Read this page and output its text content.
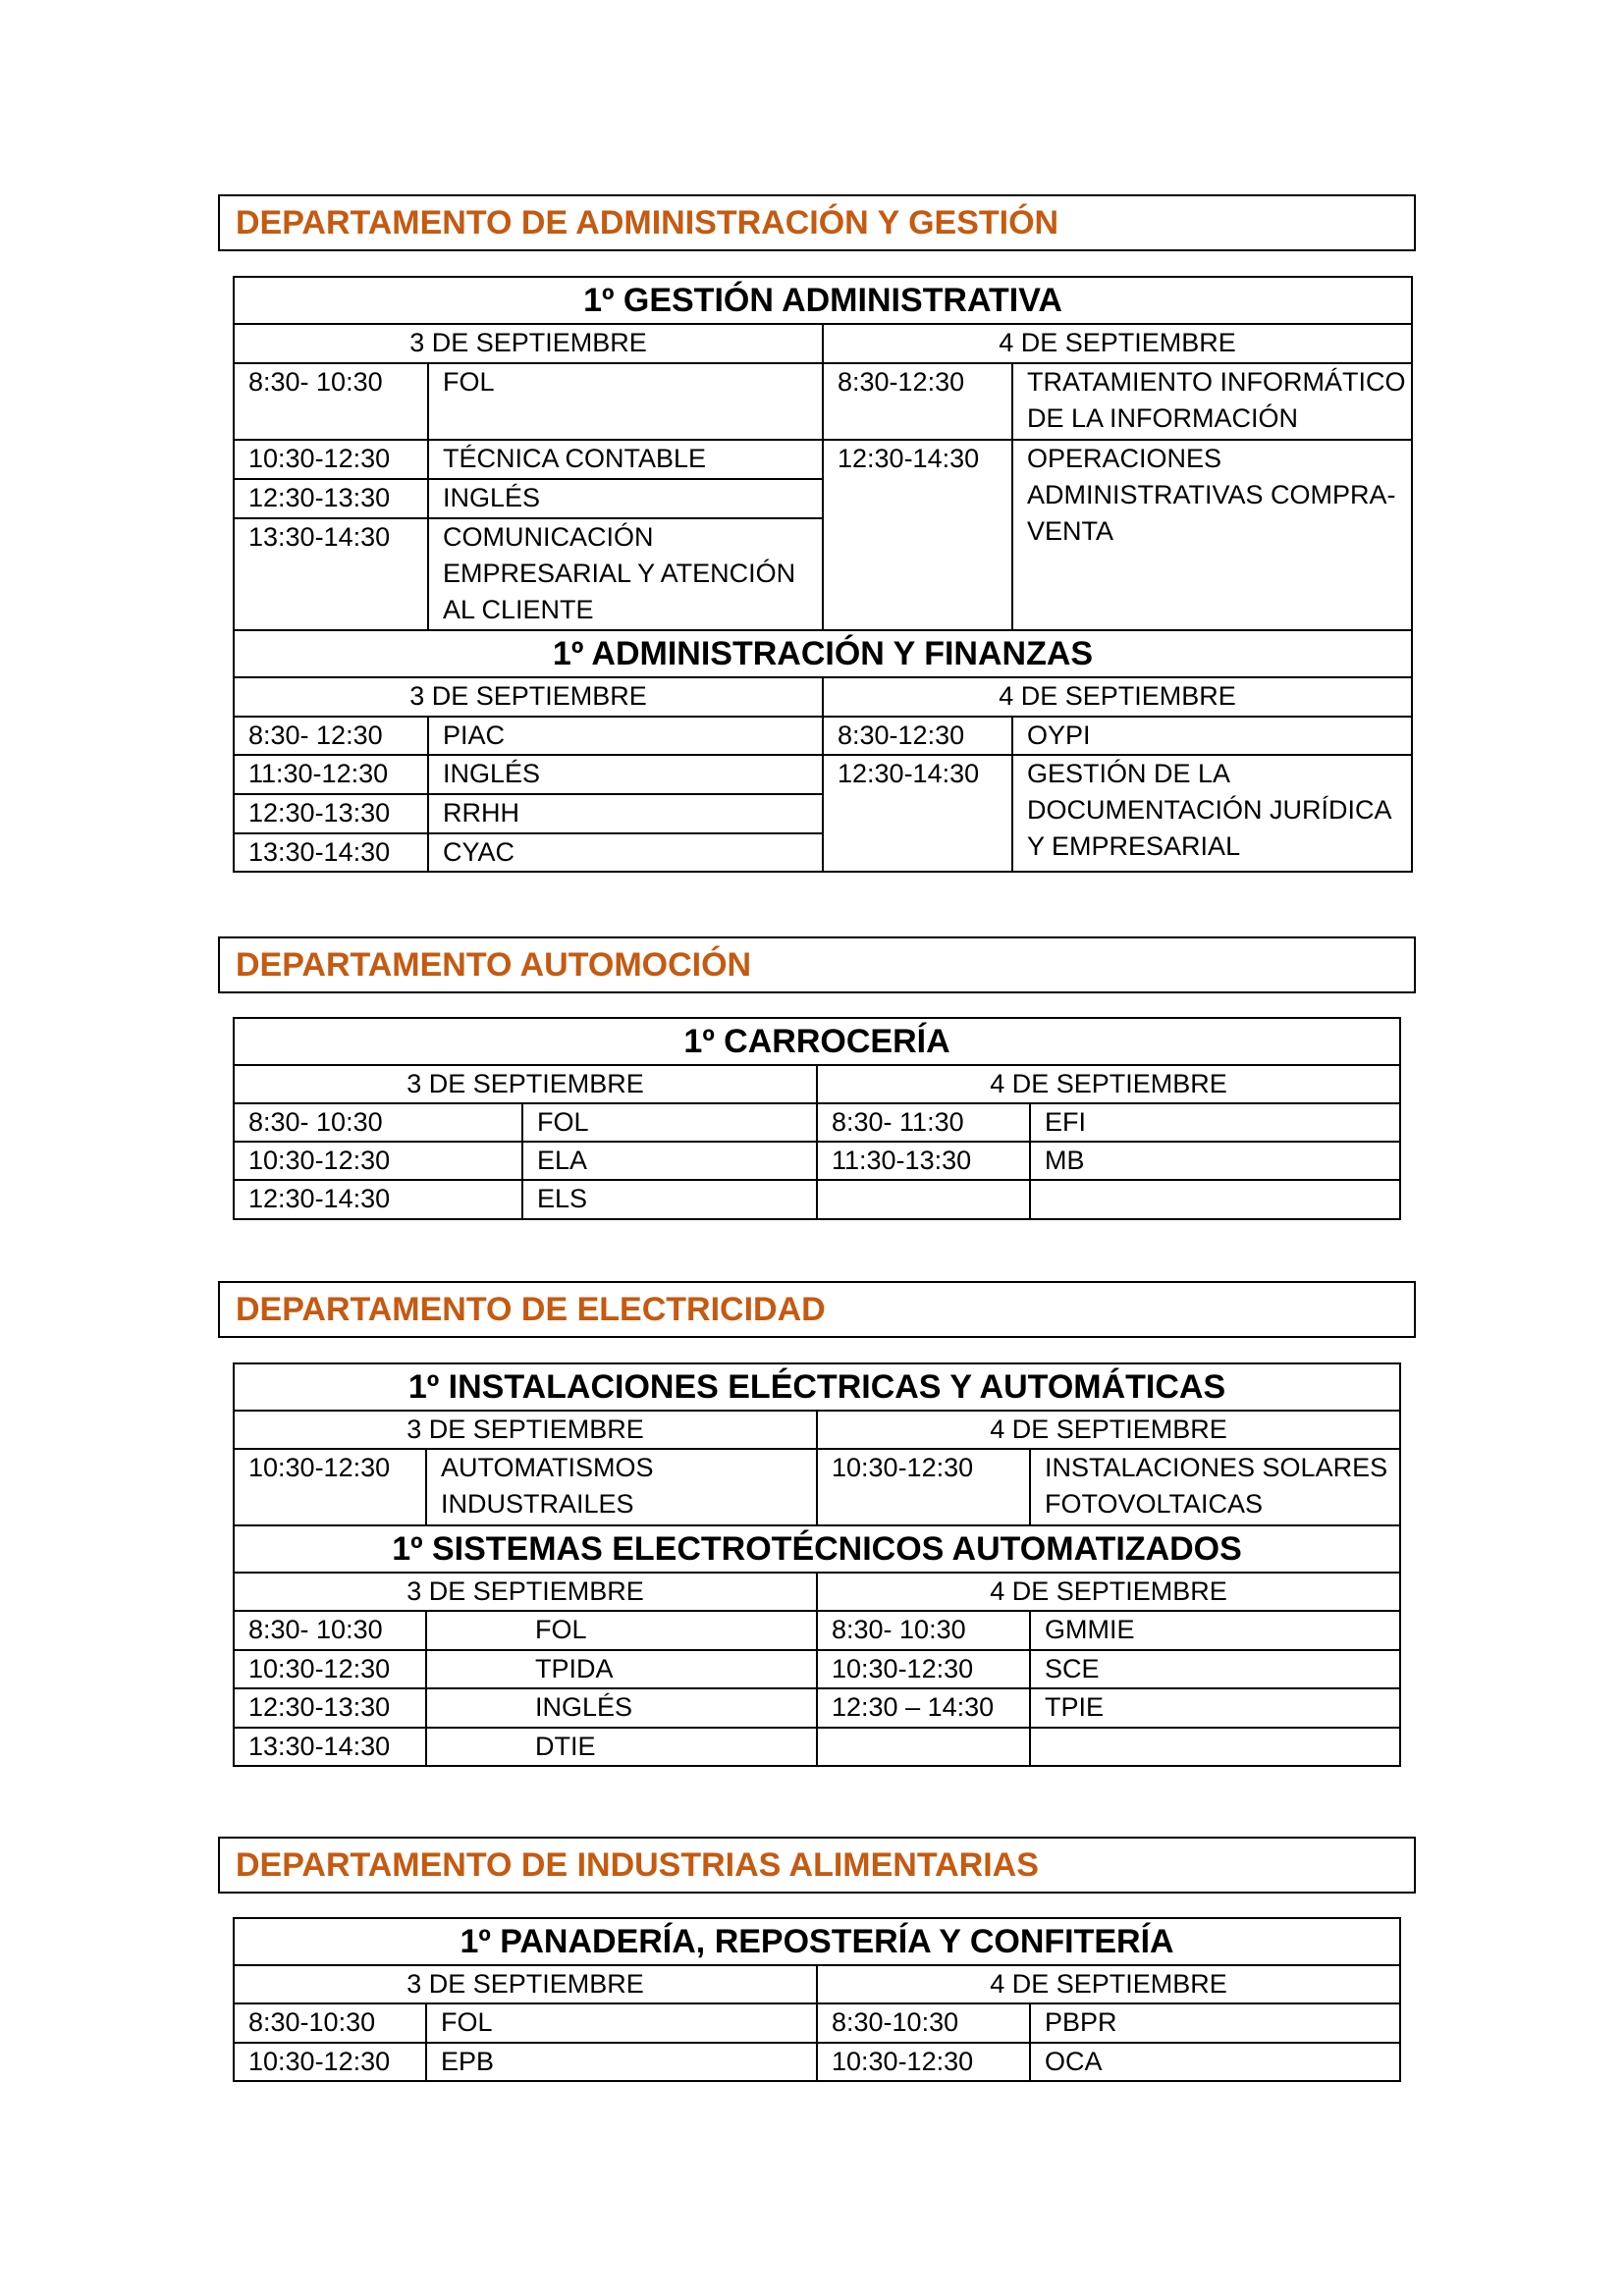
DEPARTAMENTO DE ADMINISTRACIÓN Y GESTIÓN
1º GESTIÓN ADMINISTRATIVA			
3 DE SEPTIEMBRE		4 DE SEPTIEMBRE	
8:30- 10:30	FOL	8:30-12:30	TRATAMIENTO INFORMÁTICO DE LA INFORMACIÓN
10:30-12:30	TÉCNICA CONTABLE	12:30-14:30	OPERACIONES ADMINISTRATIVAS COMPRA-VENTA
12:30-13:30	INGLÉS		
13:30-14:30	COMUNICACIÓN EMPRESARIAL Y ATENCIÓN AL CLIENTE		
1º ADMINISTRACIÓN Y FINANZAS			
3 DE SEPTIEMBRE		4 DE SEPTIEMBRE	
8:30- 12:30	PIAC	8:30-12:30	OYPI
11:30-12:30	INGLÉS	12:30-14:30	GESTIÓN DE LA DOCUMENTACIÓN JURÍDICA Y EMPRESARIAL
12:30-13:30	RRHH		
13:30-14:30	CYAC		
DEPARTAMENTO AUTOMOCIÓN
1º CARROCERÍA			
3 DE SEPTIEMBRE		4 DE SEPTIEMBRE	
8:30- 10:30	FOL	8:30- 11:30	EFI
10:30-12:30	ELA	11:30-13:30	MB
12:30-14:30	ELS		
DEPARTAMENTO DE ELECTRICIDAD
1º INSTALACIONES ELÉCTRICAS Y AUTOMÁTICAS			
3 DE SEPTIEMBRE		4 DE SEPTIEMBRE	
10:30-12:30	AUTOMATISMOS INDUSTRAILES	10:30-12:30	INSTALACIONES SOLARES FOTOVOLTAICAS
1º SISTEMAS ELECTROTÉCNICOS AUTOMATIZADOS			
3 DE SEPTIEMBRE		4 DE SEPTIEMBRE	
8:30- 10:30	FOL	8:30- 10:30	GMMIE
10:30-12:30	TPIDA	10:30-12:30	SCE
12:30-13:30	INGLÉS	12:30 – 14:30	TPIE
13:30-14:30	DTIE		
DEPARTAMENTO DE INDUSTRIAS ALIMENTARIAS
1º PANADERÍA, REPOSTERÍA Y CONFITERÍA			
3 DE SEPTIEMBRE		4 DE SEPTIEMBRE	
8:30-10:30	FOL	8:30-10:30	PBPR
10:30-12:30	EPB	10:30-12:30	OCA
